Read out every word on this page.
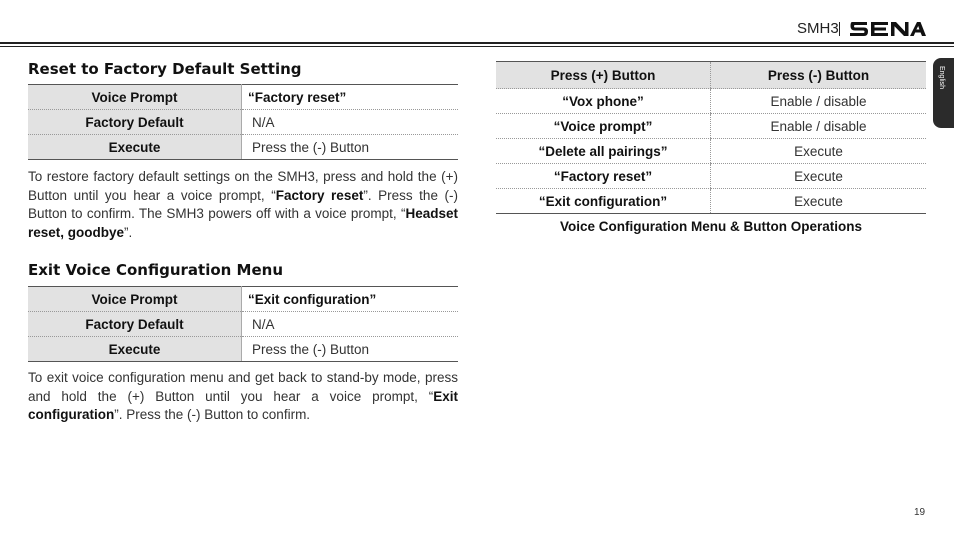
SMH3
English
Reset to Factory Default Setting
Voice Prompt	“Factory reset”
Factory Default	N/A
Execute	Press the (-) Button
To restore factory default settings on the SMH3, press and hold the (+) Button until you hear a voice prompt, “Factory reset”. Press the (-) Button to confirm. The SMH3 powers off with a voice prompt, “Headset reset, goodbye”.
Exit Voice Configuration Menu
Voice Prompt	“Exit configuration”
Factory Default	N/A
Execute	Press the (-) Button
To exit voice configuration menu and get back to stand-by mode, press and hold the (+) Button until you hear a voice prompt, “Exit configuration”. Press the (-) Button to confirm.
Press (+) Button	Press (-) Button
“Vox phone”	Enable / disable
“Voice prompt”	Enable / disable
“Delete all pairings”	Execute
“Factory reset”	Execute
“Exit configuration”	Execute
Voice Configuration Menu & Button Operations
19
